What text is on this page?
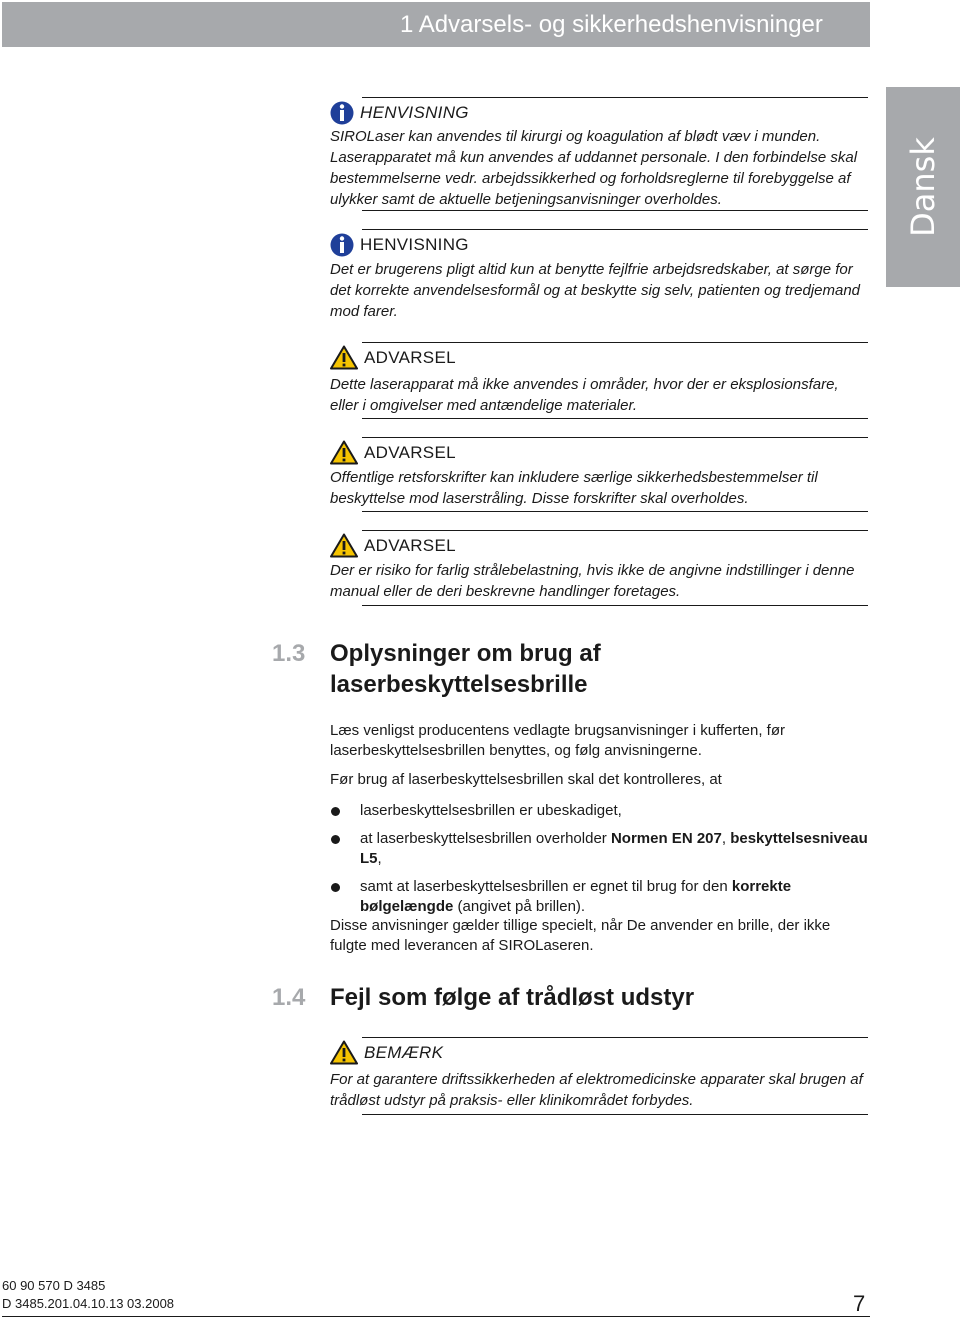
1 Advarsels- og sikkerhedshenvisninger
Dansk
HENVISNING

SIROLaser kan anvendes til kirurgi og koagulation af blødt væv i munden. Laserapparatet må kun anvendes af uddannet personale. I den forbindelse skal bestemmelserne vedr. arbejdssikkerhed og forholdsreglerne til forebyggelse af ulykker samt de aktuelle betjeningsanvisninger overholdes.

HENVISNING

Det er brugerens pligt altid kun at benytte fejlfrie arbejdsredskaber, at sørge for det korrekte anvendelsesformål og at beskytte sig selv, patienten og tredjemand mod farer.

ADVARSEL

Dette laserapparat må ikke anvendes i områder, hvor der er eksplosionsfare, eller i omgivelser med antændelige materialer.

ADVARSEL

Offentlige retsforskrifter kan inkludere særlige sikkerhedsbestemmelser til beskyttelse mod laserstråling. Disse forskrifter skal overholdes.

ADVARSEL

Der er risiko for farlig strålebelastning, hvis ikke de angivne indstillinger i denne manual eller de deri beskrevne handlinger foretages.

1.3 Oplysninger om brug af
laserbeskyttelsesbrille

Læs venligst producentens vedlagte brugsanvisninger i kufferten, før laserbeskyttelsesbrillen benyttes, og følg anvisningerne.

Før brug af laserbeskyttelsesbrillen skal det kontrolleres, at

laserbeskyttelsesbrillen er ubeskadiget,
at laserbeskyttelsesbrillen overholder Normen EN 207, beskyttelsesniveau L5,
samt at laserbeskyttelsesbrillen er egnet til brug for den korrekte bølgelængde (angivet på brillen).

Disse anvisninger gælder tillige specielt, når De anvender en brille, der ikke fulgte med leverancen af SIROLaseren.

1.4 Fejl som følge af trådløst udstyr
BEMÆRK

For at garantere driftssikkerheden af elektromedicinske apparater skal brugen af trådløst udstyr på praksis- eller klinikområdet forbydes.

60 90 570 D 3485
D 3485.201.04.10.13 03.2008	7
